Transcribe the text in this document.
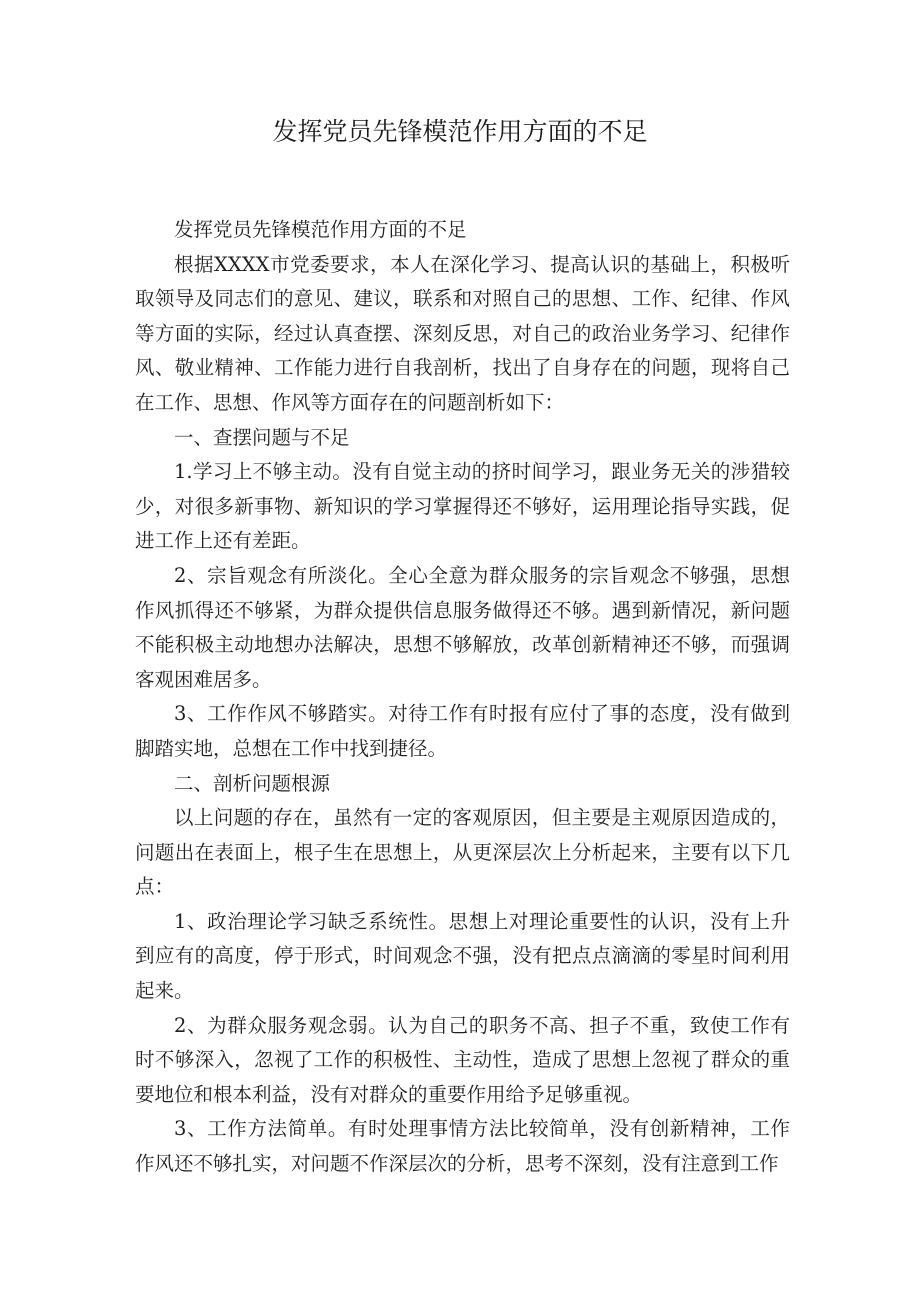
发挥党员先锋模范作用方面的不足

发挥党员先锋模范作用方面的不足

根据XXXX市党委要求，本人在深化学习、提高认识的基础上，积极听取领导及同志们的意见、建议，联系和对照自己的思想、工作、纪律、作风等方面的实际，经过认真查摆、深刻反思，对自己的政治业务学习、纪律作风、敬业精神、工作能力进行自我剖析，找出了自身存在的问题，现将自己在工作、思想、作风等方面存在的问题剖析如下：

一、查摆问题与不足

1.学习上不够主动。没有自觉主动的挤时间学习，跟业务无关的涉猎较少，对很多新事物、新知识的学习掌握得还不够好，运用理论指导实践，促进工作上还有差距。

2、宗旨观念有所淡化。全心全意为群众服务的宗旨观念不够强，思想作风抓得还不够紧，为群众提供信息服务做得还不够。遇到新情况，新问题不能积极主动地想办法解决，思想不够解放，改革创新精神还不够，而强调客观困难居多。

3、工作作风不够踏实。对待工作有时报有应付了事的态度，没有做到脚踏实地，总想在工作中找到捷径。

二、剖析问题根源

以上问题的存在，虽然有一定的客观原因，但主要是主观原因造成的，问题出在表面上，根子生在思想上，从更深层次上分析起来，主要有以下几点：

1、政治理论学习缺乏系统性。思想上对理论重要性的认识，没有上升到应有的高度，停于形式，时间观念不强，没有把点点滴滴的零星时间利用起来。

2、为群众服务观念弱。认为自己的职务不高、担子不重，致使工作有时不够深入，忽视了工作的积极性、主动性，造成了思想上忽视了群众的重要地位和根本利益，没有对群众的重要作用给予足够重视。

3、工作方法简单。有时处理事情方法比较简单，没有创新精神，工作作风还不够扎实，对问题不作深层次的分析，思考不深刻，没有注意到工作
